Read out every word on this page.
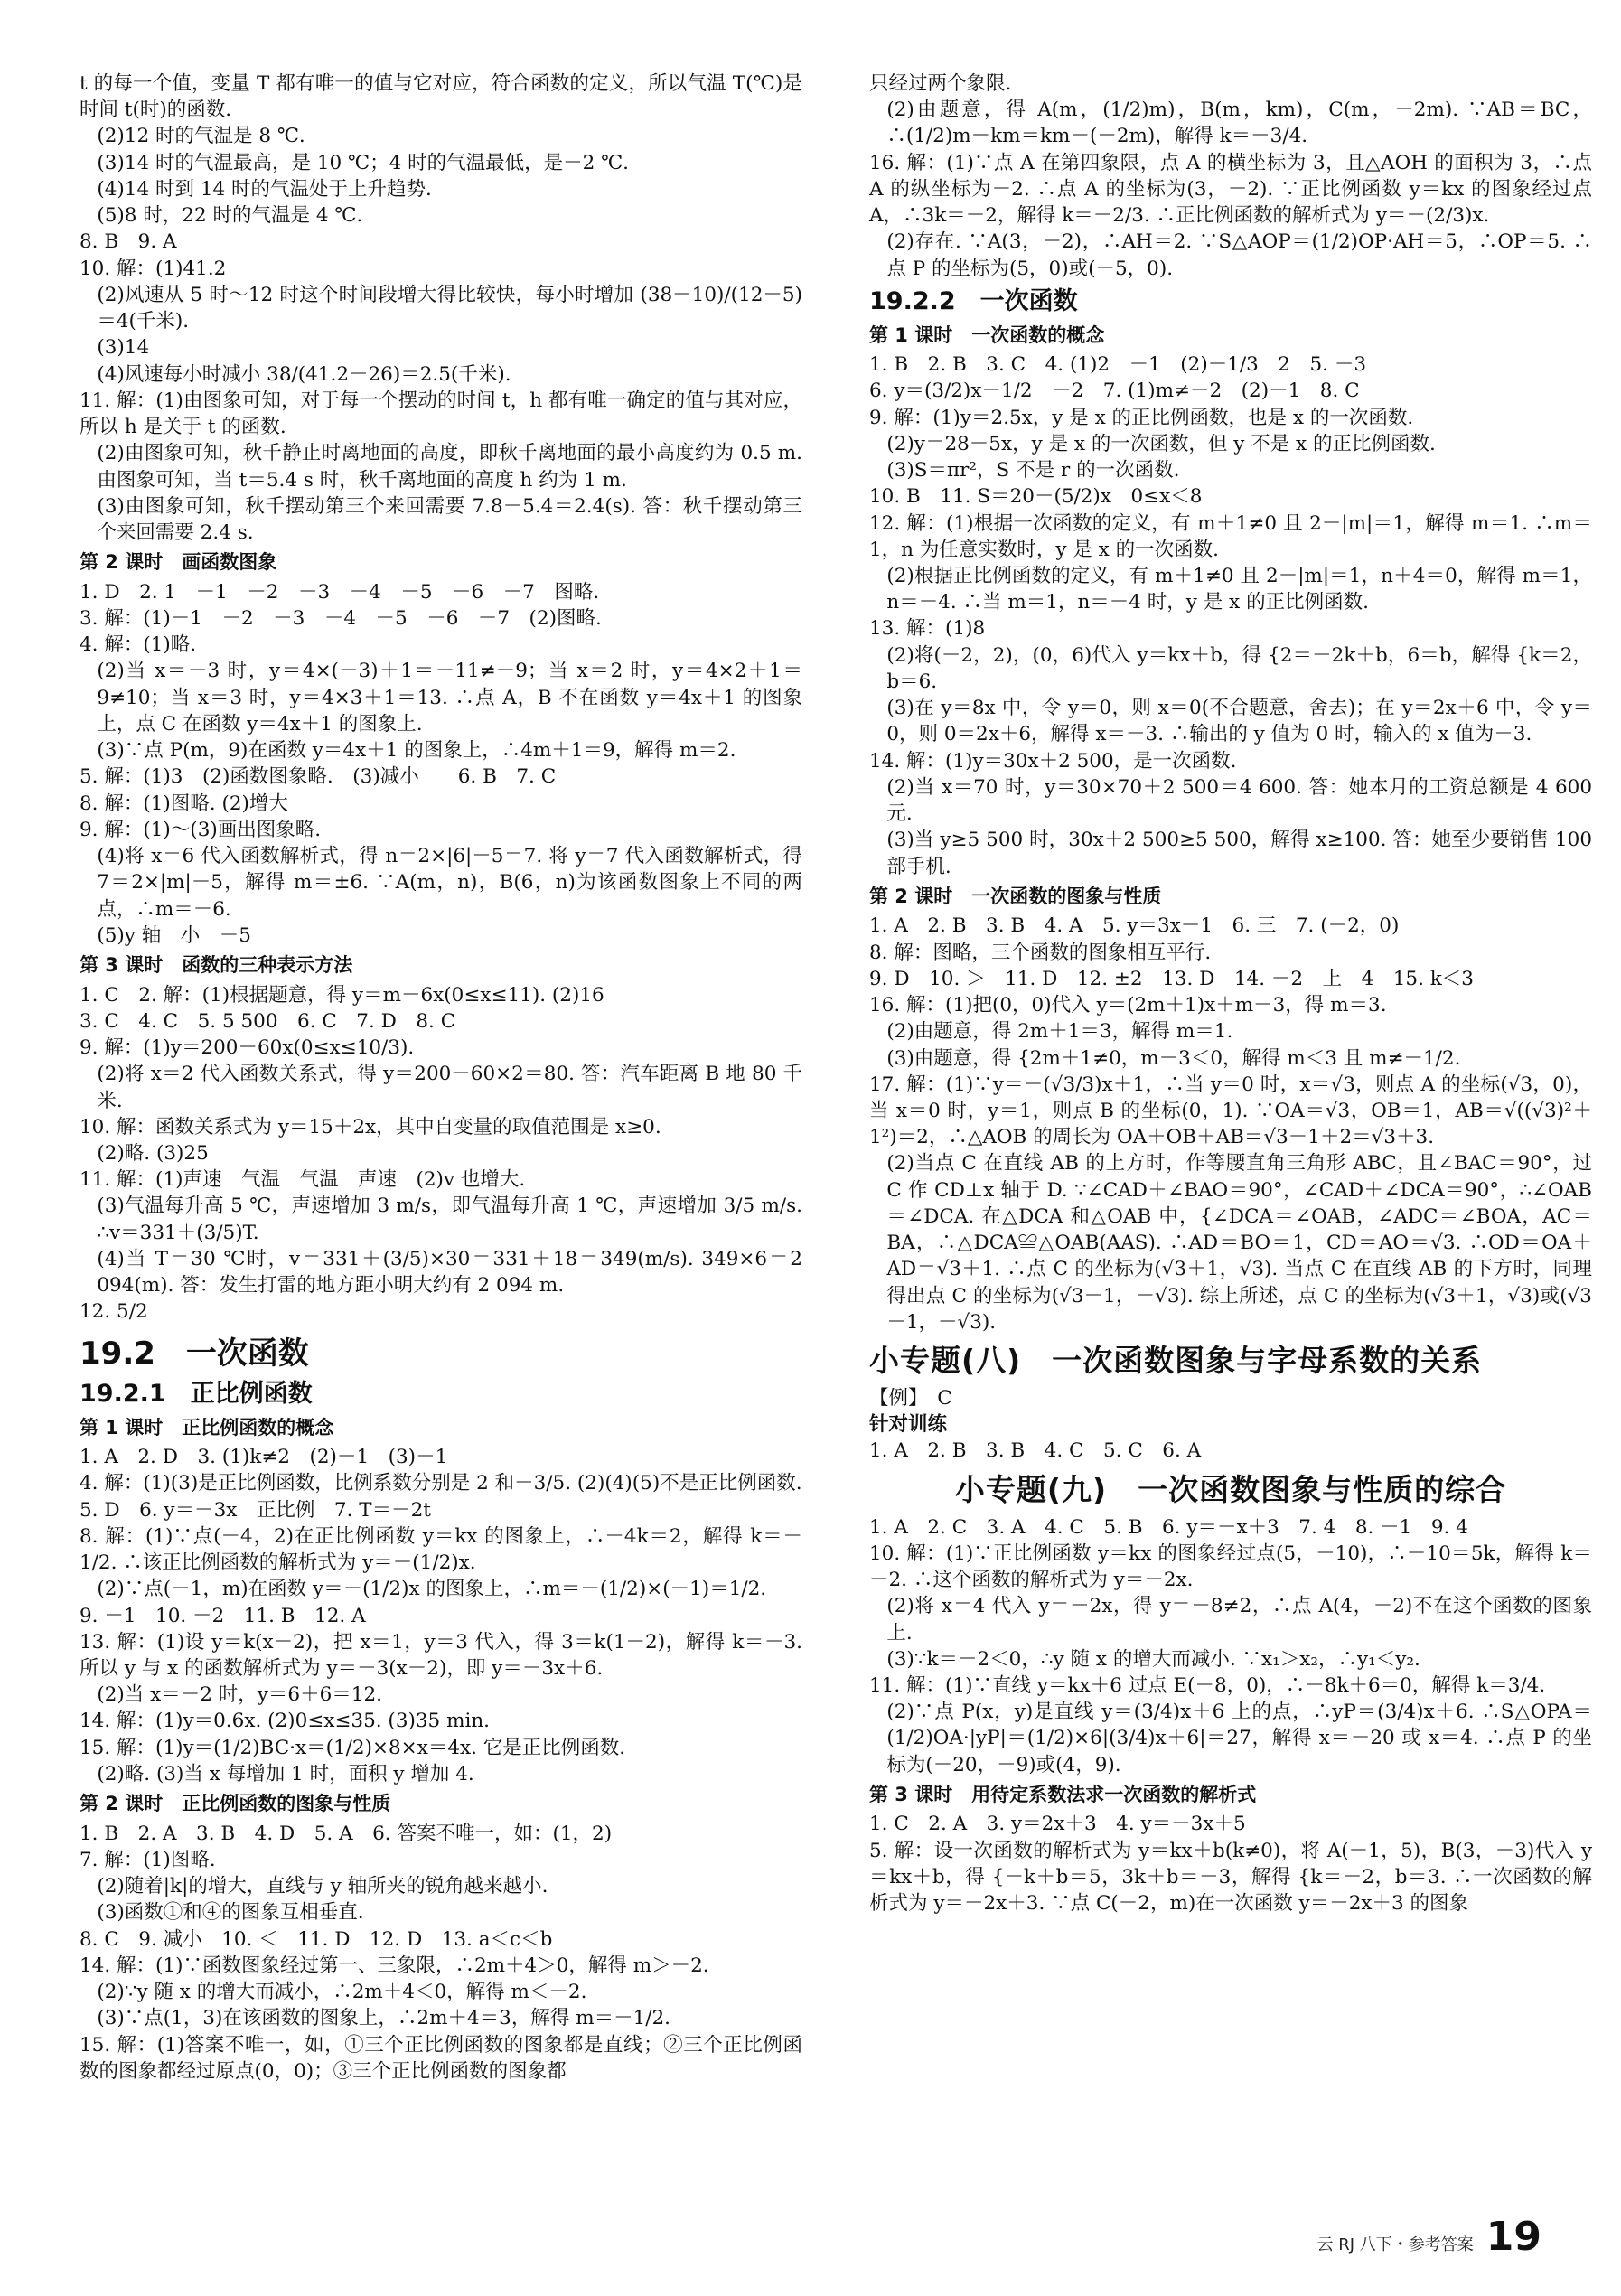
t 的每一个值，变量 T 都有唯一的值与它对应，符合函数的定义，所以气温 T(℃)是时间 t(时)的函数.

(2)12 时的气温是 8 ℃.

(3)14 时的气温最高，是 10 ℃；4 时的气温最低，是－2 ℃.

(4)14 时到 14 时的气温处于上升趋势.

(5)8 时，22 时的气温是 4 ℃.

8. B　9. A

10. 解：(1)41.2

(2)风速从 5 时～12 时这个时间段增大得比较快，每小时增加 (38－10)/(12－5)＝4(千米).

(3)14

(4)风速每小时减小 38/(41.2－26)＝2.5(千米).

11. 解：(1)由图象可知，对于每一个摆动的时间 t，h 都有唯一确定的值与其对应，所以 h 是关于 t 的函数.

(2)由图象可知，秋千静止时离地面的高度，即秋千离地面的最小高度约为 0.5 m. 由图象可知，当 t＝5.4 s 时，秋千离地面的高度 h 约为 1 m.

(3)由图象可知，秋千摆动第三个来回需要 7.8－5.4＝2.4(s). 答：秋千摆动第三个来回需要 2.4 s.

第 2 课时　画函数图象

1. D　2. 1　－1　－2　－3　－4　－5　－6　－7　图略.

3. 解：(1)－1　－2　－3　－4　－5　－6　－7　(2)图略.

4. 解：(1)略.

(2)当 x＝－3 时，y＝4×(－3)＋1＝－11≠－9；当 x＝2 时，y＝4×2＋1＝9≠10；当 x＝3 时，y＝4×3＋1＝13. ∴点 A，B 不在函数 y＝4x＋1 的图象上，点 C 在函数 y＝4x＋1 的图象上.

(3)∵点 P(m，9)在函数 y＝4x＋1 的图象上，∴4m＋1＝9，解得 m＝2.

5. 解：(1)3　(2)函数图象略.　(3)减小　　6. B　7. C

8. 解：(1)图略. (2)增大

9. 解：(1)～(3)画出图象略.

(4)将 x＝6 代入函数解析式，得 n＝2×|6|－5＝7. 将 y＝7 代入函数解析式，得 7＝2×|m|－5，解得 m＝±6. ∵A(m，n)，B(6，n)为该函数图象上不同的两点，∴m＝－6.

(5)y 轴　小　－5

第 3 课时　函数的三种表示方法

1. C　2. 解：(1)根据题意，得 y＝m－6x(0≤x≤11). (2)16

3. C　4. C　5. 5 500　6. C　7. D　8. C

9. 解：(1)y＝200－60x(0≤x≤10/3).

(2)将 x＝2 代入函数关系式，得 y＝200－60×2＝80. 答：汽车距离 B 地 80 千米.

10. 解：函数关系式为 y＝15＋2x，其中自变量的取值范围是 x≥0.

(2)略. (3)25

11. 解：(1)声速　气温　气温　声速　(2)v 也增大.

(3)气温每升高 5 ℃，声速增加 3 m/s，即气温每升高 1 ℃，声速增加 3/5 m/s. ∴v＝331＋(3/5)T.

(4)当 T＝30 ℃时，v＝331＋(3/5)×30＝331＋18＝349(m/s). 349×6＝2 094(m). 答：发生打雷的地方距小明大约有 2 094 m.

12. 5/2

19.2　一次函数

19.2.1　正比例函数

第 1 课时　正比例函数的概念

1. A　2. D　3. (1)k≠2　(2)－1　(3)－1

4. 解：(1)(3)是正比例函数，比例系数分别是 2 和－3/5. (2)(4)(5)不是正比例函数.

5. D　6. y＝－3x　正比例　7. T＝－2t

8. 解：(1)∵点(－4，2)在正比例函数 y＝kx 的图象上，∴－4k＝2，解得 k＝－1/2. ∴该正比例函数的解析式为 y＝－(1/2)x.

(2)∵点(－1，m)在函数 y＝－(1/2)x 的图象上，∴m＝－(1/2)×(－1)＝1/2.

9. －1　10. －2　11. B　12. A

13. 解：(1)设 y＝k(x－2)，把 x＝1，y＝3 代入，得 3＝k(1－2)，解得 k＝－3. 所以 y 与 x 的函数解析式为 y＝－3(x－2)，即 y＝－3x＋6.

(2)当 x＝－2 时，y＝6＋6＝12.

14. 解：(1)y＝0.6x. (2)0≤x≤35. (3)35 min.

15. 解：(1)y＝(1/2)BC·x＝(1/2)×8×x＝4x. 它是正比例函数.

(2)略. (3)当 x 每增加 1 时，面积 y 增加 4.

第 2 课时　正比例函数的图象与性质

1. B　2. A　3. B　4. D　5. A　6. 答案不唯一，如：(1，2)

7. 解：(1)图略.

(2)随着|k|的增大，直线与 y 轴所夹的锐角越来越小.

(3)函数①和④的图象互相垂直.

8. C　9. 减小　10. ＜　11. D　12. D　13. a＜c＜b

14. 解：(1)∵函数图象经过第一、三象限，∴2m＋4＞0，解得 m＞－2.

(2)∵y 随 x 的增大而减小，∴2m＋4＜0，解得 m＜－2.

(3)∵点(1，3)在该函数的图象上，∴2m＋4＝3，解得 m＝－1/2.

15. 解：(1)答案不唯一，如，①三个正比例函数的图象都是直线；②三个正比例函数的图象都经过原点(0，0)；③三个正比例函数的图象都

只经过两个象限.

(2)由题意，得 A(m，(1/2)m)，B(m，km)，C(m，－2m). ∵AB＝BC，∴(1/2)m－km＝km－(－2m)，解得 k＝－3/4.

16. 解：(1)∵点 A 在第四象限，点 A 的横坐标为 3，且△AOH 的面积为 3，∴点 A 的纵坐标为－2. ∴点 A 的坐标为(3，－2). ∵正比例函数 y＝kx 的图象经过点 A，∴3k＝－2，解得 k＝－2/3. ∴正比例函数的解析式为 y＝－(2/3)x.

(2)存在. ∵A(3，－2)，∴AH＝2. ∵S△AOP＝(1/2)OP·AH＝5，∴OP＝5. ∴点 P 的坐标为(5，0)或(－5，0).

19.2.2　一次函数

第 1 课时　一次函数的概念

1. B　2. B　3. C　4. (1)2　－1　(2)－1/3　2　5. －3

6. y＝(3/2)x－1/2　－2　7. (1)m≠－2　(2)－1　8. C

9. 解：(1)y＝2.5x，y 是 x 的正比例函数，也是 x 的一次函数.

(2)y＝28－5x，y 是 x 的一次函数，但 y 不是 x 的正比例函数.

(3)S＝πr²，S 不是 r 的一次函数.

10. B　11. S＝20－(5/2)x　0≤x＜8

12. 解：(1)根据一次函数的定义，有 m＋1≠0 且 2－|m|＝1，解得 m＝1. ∴m＝1，n 为任意实数时，y 是 x 的一次函数.

(2)根据正比例函数的定义，有 m＋1≠0 且 2－|m|＝1，n＋4＝0，解得 m＝1，n＝－4. ∴当 m＝1，n＝－4 时，y 是 x 的正比例函数.

13. 解：(1)8

(2)将(－2，2)，(0，6)代入 y＝kx＋b，得 {2＝－2k＋b，6＝b，解得 {k＝2，b＝6.

(3)在 y＝8x 中，令 y＝0，则 x＝0(不合题意，舍去)；在 y＝2x＋6 中，令 y＝0，则 0＝2x＋6，解得 x＝－3. ∴输出的 y 值为 0 时，输入的 x 值为－3.

14. 解：(1)y＝30x＋2 500，是一次函数.

(2)当 x＝70 时，y＝30×70＋2 500＝4 600. 答：她本月的工资总额是 4 600 元.

(3)当 y≥5 500 时，30x＋2 500≥5 500，解得 x≥100. 答：她至少要销售 100 部手机.

第 2 课时　一次函数的图象与性质

1. A　2. B　3. B　4. A　5. y＝3x－1　6. 三　7. (－2，0)

8. 解：图略，三个函数的图象相互平行.

9. D　10. ＞　11. D　12. ±2　13. D　14. －2　上　4　15. k＜3

16. 解：(1)把(0，0)代入 y＝(2m＋1)x＋m－3，得 m＝3.

(2)由题意，得 2m＋1＝3，解得 m＝1.

(3)由题意，得 {2m＋1≠0，m－3＜0，解得 m＜3 且 m≠－1/2.

17. 解：(1)∵y＝－(√3/3)x＋1，∴当 y＝0 时，x＝√3，则点 A 的坐标(√3，0)，当 x＝0 时，y＝1，则点 B 的坐标(0，1). ∵OA＝√3，OB＝1，AB＝√((√3)²＋1²)＝2，∴△AOB 的周长为 OA＋OB＋AB＝√3＋1＋2＝√3＋3.

(2)当点 C 在直线 AB 的上方时，作等腰直角三角形 ABC，且∠BAC＝90°，过 C 作 CD⊥x 轴于 D. ∵∠CAD＋∠BAO＝90°，∠CAD＋∠DCA＝90°，∴∠OAB＝∠DCA. 在△DCA 和△OAB 中，{∠DCA＝∠OAB，∠ADC＝∠BOA，AC＝BA，∴△DCA≌△OAB(AAS). ∴AD＝BO＝1，CD＝AO＝√3. ∴OD＝OA＋AD＝√3＋1. ∴点 C 的坐标为(√3＋1，√3). 当点 C 在直线 AB 的下方时，同理得出点 C 的坐标为(√3－1，－√3). 综上所述，点 C 的坐标为(√3＋1，√3)或(√3－1，－√3).

小专题(八)　一次函数图象与字母系数的关系

【例】　C

针对训练

1. A　2. B　3. B　4. C　5. C　6. A

小专题(九)　一次函数图象与性质的综合

1. A　2. C　3. A　4. C　5. B　6. y＝－x＋3　7. 4　8. －1　9. 4

10. 解：(1)∵正比例函数 y＝kx 的图象经过点(5，－10)，∴－10＝5k，解得 k＝－2. ∴这个函数的解析式为 y＝－2x.

(2)将 x＝4 代入 y＝－2x，得 y＝－8≠2，∴点 A(4，－2)不在这个函数的图象上.

(3)∵k＝－2＜0，∴y 随 x 的增大而减小. ∵x₁＞x₂，∴y₁＜y₂.

11. 解：(1)∵直线 y＝kx＋6 过点 E(－8，0)，∴－8k＋6＝0，解得 k＝3/4.

(2)∵点 P(x，y)是直线 y＝(3/4)x＋6 上的点，∴yP＝(3/4)x＋6. ∴S△OPA＝(1/2)OA·|yP|＝(1/2)×6|(3/4)x＋6|＝27，解得 x＝－20 或 x＝4. ∴点 P 的坐标为(－20，－9)或(4，9).

第 3 课时　用待定系数法求一次函数的解析式

1. C　2. A　3. y＝2x＋3　4. y＝－3x＋5

5. 解：设一次函数的解析式为 y＝kx＋b(k≠0)，将 A(－1，5)，B(3，－3)代入 y＝kx＋b，得 {－k＋b＝5，3k＋b＝－3，解得 {k＝－2，b＝3. ∴一次函数的解析式为 y＝－2x＋3. ∵点 C(－2，m)在一次函数 y＝－2x＋3 的图象

云 RJ 八下・参考答案 19
